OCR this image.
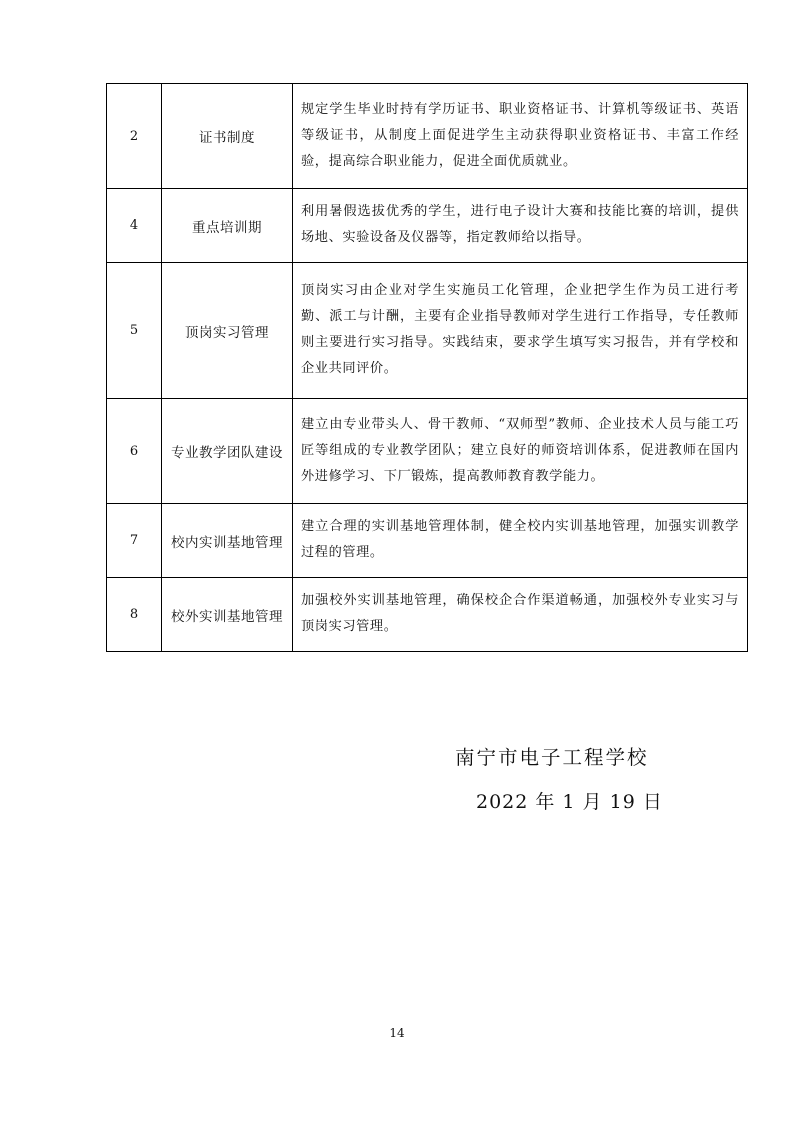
2	证书制度	规定学生毕业时持有学历证书、职业资格证书、计算机等级证书、英语等级证书，从制度上面促进学生主动获得职业资格证书、丰富工作经验，提高综合职业能力，促进全面优质就业。
4	重点培训期	利用暑假选拔优秀的学生，进行电子设计大赛和技能比赛的培训，提供场地、实验设备及仪器等，指定教师给以指导。
5	顶岗实习管理	顶岗实习由企业对学生实施员工化管理，企业把学生作为员工进行考勤、派工与计酬，主要有企业指导教师对学生进行工作指导，专任教师则主要进行实习指导。实践结束，要求学生填写实习报告，并有学校和企业共同评价。
6	专业教学团队建设	建立由专业带头人、骨干教师、“双师型”教师、企业技术人员与能工巧匠等组成的专业教学团队；建立良好的师资培训体系，促进教师在国内外进修学习、下厂锻炼，提高教师教育教学能力。
7	校内实训基地管理	建立合理的实训基地管理体制，健全校内实训基地管理，加强实训教学过程的管理。
8	校外实训基地管理	加强校外实训基地管理，确保校企合作渠道畅通，加强校外专业实习与顶岗实习管理。
南宁市电子工程学校
2022 年 1 月 19 日
14
